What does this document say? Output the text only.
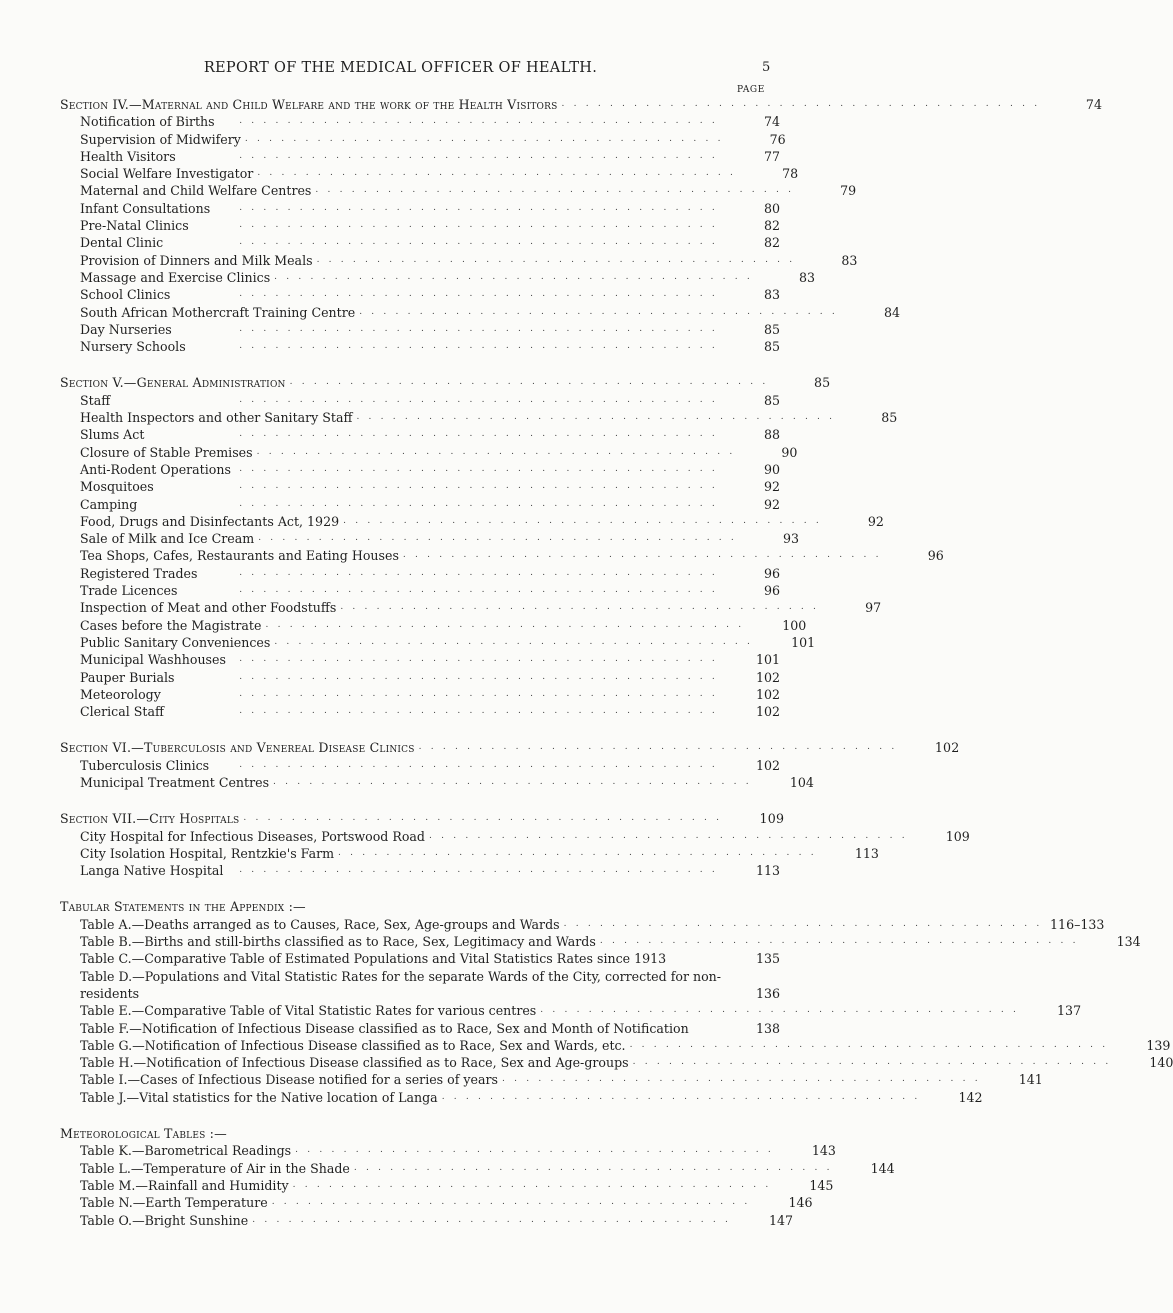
REPORT OF THE MEDICAL OFFICER OF HEALTH.	5
PAGE
Section IV.—Maternal and Child Welfare and the work of the Health Visitors . . . . . . . . . . . . . . . . . . . . . . . . . . . . . . . . . . . . . . . .	74
Notification of Births	. . . . . . . . . . . . . . . . . . . . . . . . . . . . . . . . . . . . . . . .	74
Supervision of Midwifery . . . . . . . . . . . . . . . . . . . . . . . . . . . . . . . . . . . . . . . .	76
Health Visitors	. . . . . . . . . . . . . . . . . . . . . . . . . . . . . . . . . . . . . . . .	77
Social Welfare Investigator . . . . . . . . . . . . . . . . . . . . . . . . . . . . . . . . . . . . . . . .	78
Maternal and Child Welfare Centres . . . . . . . . . . . . . . . . . . . . . . . . . . . . . . . . . . . . . . . .	79
Infant Consultations	. . . . . . . . . . . . . . . . . . . . . . . . . . . . . . . . . . . . . . . .	80
Pre-Natal Clinics	. . . . . . . . . . . . . . . . . . . . . . . . . . . . . . . . . . . . . . . .	82
Dental Clinic	. . . . . . . . . . . . . . . . . . . . . . . . . . . . . . . . . . . . . . . .	82
Provision of Dinners and Milk Meals . . . . . . . . . . . . . . . . . . . . . . . . . . . . . . . . . . . . . . . .	83
Massage and Exercise Clinics . . . . . . . . . . . . . . . . . . . . . . . . . . . . . . . . . . . . . . . .	83
School Clinics	. . . . . . . . . . . . . . . . . . . . . . . . . . . . . . . . . . . . . . . .	83
South African Mothercraft Training Centre . . . . . . . . . . . . . . . . . . . . . . . . . . . . . . . . . . . . . . . .	84
Day Nurseries	. . . . . . . . . . . . . . . . . . . . . . . . . . . . . . . . . . . . . . . .	85
Nursery Schools	. . . . . . . . . . . . . . . . . . . . . . . . . . . . . . . . . . . . . . . .	85
Section V.—General Administration . . . . . . . . . . . . . . . . . . . . . . . . . . . . . . . . . . . . . . . .	85
Staff	. . . . . . . . . . . . . . . . . . . . . . . . . . . . . . . . . . . . . . . .	85
Health Inspectors and other Sanitary Staff . . . . . . . . . . . . . . . . . . . . . . . . . . . . . . . . . . . . . . . .	85
Slums Act	. . . . . . . . . . . . . . . . . . . . . . . . . . . . . . . . . . . . . . . .	88
Closure of Stable Premises . . . . . . . . . . . . . . . . . . . . . . . . . . . . . . . . . . . . . . . .	90
Anti-Rodent Operations . . . . . . . . . . . . . . . . . . . . . . . . . . . . . . . . . . . . . . . .	90
Mosquitoes	. . . . . . . . . . . . . . . . . . . . . . . . . . . . . . . . . . . . . . . .	92
Camping	. . . . . . . . . . . . . . . . . . . . . . . . . . . . . . . . . . . . . . . .	92
Food, Drugs and Disinfectants Act, 1929 . . . . . . . . . . . . . . . . . . . . . . . . . . . . . . . . . . . . . . . .	92
Sale of Milk and Ice Cream . . . . . . . . . . . . . . . . . . . . . . . . . . . . . . . . . . . . . . . .	93
Tea Shops, Cafes, Restaurants and Eating Houses . . . . . . . . . . . . . . . . . . . . . . . . . . . . . . . . . . . . . . . .	96
Registered Trades	. . . . . . . . . . . . . . . . . . . . . . . . . . . . . . . . . . . . . . . .	96
Trade Licences	. . . . . . . . . . . . . . . . . . . . . . . . . . . . . . . . . . . . . . . .	96
Inspection of Meat and other Foodstuffs . . . . . . . . . . . . . . . . . . . . . . . . . . . . . . . . . . . . . . . .	97
Cases before the Magistrate . . . . . . . . . . . . . . . . . . . . . . . . . . . . . . . . . . . . . . . .	100
Public Sanitary Conveniences . . . . . . . . . . . . . . . . . . . . . . . . . . . . . . . . . . . . . . . .	101
Municipal Washhouses	. . . . . . . . . . . . . . . . . . . . . . . . . . . . . . . . . . . . . . . .	101
Pauper Burials	. . . . . . . . . . . . . . . . . . . . . . . . . . . . . . . . . . . . . . . .	102
Meteorology	. . . . . . . . . . . . . . . . . . . . . . . . . . . . . . . . . . . . . . . .	102
Clerical Staff	. . . . . . . . . . . . . . . . . . . . . . . . . . . . . . . . . . . . . . . .	102
Section VI.—Tuberculosis and Venereal Disease Clinics . . . . . . . . . . . . . . . . . . . . . . . . . . . . . . . . . . . . . . . .	102
Tuberculosis Clinics	. . . . . . . . . . . . . . . . . . . . . . . . . . . . . . . . . . . . . . . .	102
Municipal Treatment Centres . . . . . . . . . . . . . . . . . . . . . . . . . . . . . . . . . . . . . . . .	104
Section VII.—City Hospitals . . . . . . . . . . . . . . . . . . . . . . . . . . . . . . . . . . . . . . . .	109
City Hospital for Infectious Diseases, Portswood Road . . . . . . . . . . . . . . . . . . . . . . . . . . . . . . . . . . . . . . . .	109
City Isolation Hospital, Rentzkie's Farm . . . . . . . . . . . . . . . . . . . . . . . . . . . . . . . . . . . . . . . .	113
Langa Native Hospital	. . . . . . . . . . . . . . . . . . . . . . . . . . . . . . . . . . . . . . . .	113
Tabular Statements in the Appendix :—
Table A.—Deaths arranged as to Causes, Race, Sex, Age-groups and Wards . . . . . . . . . . . . . . . . . . . . . . . . . . . . . . . . . . . . . . . . 116–133
Table B.—Births and still-births classified as to Race, Sex, Legitimacy and Wards . . . . . . . . . . . . . . . . . . . . . . . . . . . . . . . . . . . . . . . .	134
Table C.—Comparative Table of Estimated Populations and Vital Statistics Rates since 1913	135
Table D.—Populations and Vital Statistic Rates for the separate Wards of the City, corrected for non-residents	136
Table E.—Comparative Table of Vital Statistic Rates for various centres . . . . . . . . . . . . . . . . . . . . . . . . . . . . . . . . . . . . . . . .	137
Table F.—Notification of Infectious Disease classified as to Race, Sex and Month of Notification	138
Table G.—Notification of Infectious Disease classified as to Race, Sex and Wards, etc. . . . . . . . . . . . . . . . . . . . . . . . . . . . . . . . . . . . . . . . .	139
Table H.—Notification of Infectious Disease classified as to Race, Sex and Age-groups . . . . . . . . . . . . . . . . . . . . . . . . . . . . . . . . . . . . . . . .	140
Table I.—Cases of Infectious Disease notified for a series of years . . . . . . . . . . . . . . . . . . . . . . . . . . . . . . . . . . . . . . . .	141
Table J.—Vital statistics for the Native location of Langa . . . . . . . . . . . . . . . . . . . . . . . . . . . . . . . . . . . . . . . .	142
Meteorological Tables :—
Table K.—Barometrical Readings . . . . . . . . . . . . . . . . . . . . . . . . . . . . . . . . . . . . . . . .	143
Table L.—Temperature of Air in the Shade . . . . . . . . . . . . . . . . . . . . . . . . . . . . . . . . . . . . . . . .	144
Table M.—Rainfall and Humidity . . . . . . . . . . . . . . . . . . . . . . . . . . . . . . . . . . . . . . . .	145
Table N.—Earth Temperature . . . . . . . . . . . . . . . . . . . . . . . . . . . . . . . . . . . . . . . .	146
Table O.—Bright Sunshine . . . . . . . . . . . . . . . . . . . . . . . . . . . . . . . . . . . . . . . .	147
